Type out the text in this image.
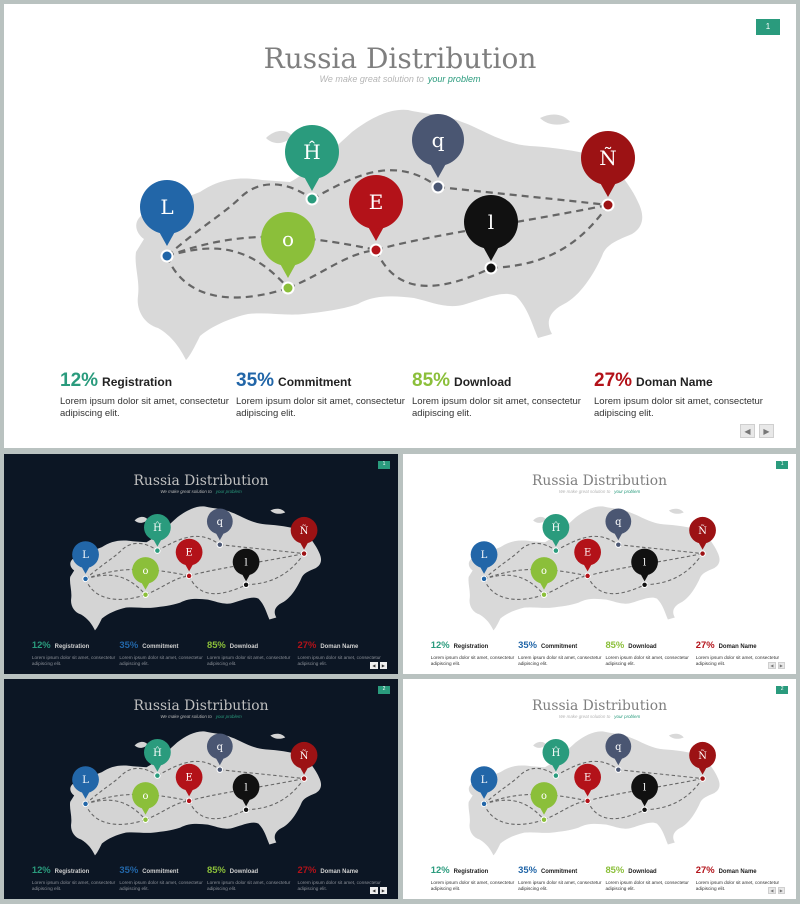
1
Russia Distribution
We make great solution to your problem
L
Ĥ	q
o
E
l
Ñ
12% Registration
Lorem ipsum dolor sit amet, consectetur adipiscing elit.
35% Commitment
Lorem ipsum dolor sit amet, consectetur adipiscing elit.
85% Download
Lorem ipsum dolor sit amet, consectetur adipiscing elit.
27% Doman Name
Lorem ipsum dolor sit amet, consectetur adipiscing elit.
◀	▶
1
Russia Distribution
We make great solution to your problem
L
Ĥ
q
o
E
l
Ñ
12% Registration
Lorem ipsum dolor sit amet, consectetur adipiscing elit.
35% Commitment
Lorem ipsum dolor sit amet, consectetur adipiscing elit.
85% Download
Lorem ipsum dolor sit amet, consectetur adipiscing elit.
27% Doman Name
Lorem ipsum dolor sit amet, consectetur adipiscing elit.	◀	▶
1
Russia Distribution
We make great solution to your problem
L
Ĥ
q
o
E
l
Ñ
12% Registration
Lorem ipsum dolor sit amet, consectetur adipiscing elit.
35% Commitment
Lorem ipsum dolor sit amet, consectetur adipiscing elit.
85% Download
Lorem ipsum dolor sit amet, consectetur adipiscing elit.
27% Doman Name
Lorem ipsum dolor sit amet, consectetur adipiscing elit.	◀	▶
2
Russia Distribution
We make great solution to your problem
L
Ĥ
q
o
E
l
Ñ
12% Registration
Lorem ipsum dolor sit amet, consectetur adipiscing elit.
35% Commitment
Lorem ipsum dolor sit amet, consectetur adipiscing elit.
85% Download
Lorem ipsum dolor sit amet, consectetur adipiscing elit.
27% Doman Name
Lorem ipsum dolor sit amet, consectetur adipiscing elit.	◀	▶
2
Russia Distribution
We make great solution to your problem
L
Ĥ
q
o
E
l
Ñ
12% Registration
Lorem ipsum dolor sit amet, consectetur adipiscing elit.
35% Commitment
Lorem ipsum dolor sit amet, consectetur adipiscing elit.
85% Download
Lorem ipsum dolor sit amet, consectetur adipiscing elit.
27% Doman Name
Lorem ipsum dolor sit amet, consectetur adipiscing elit.	◀	▶
